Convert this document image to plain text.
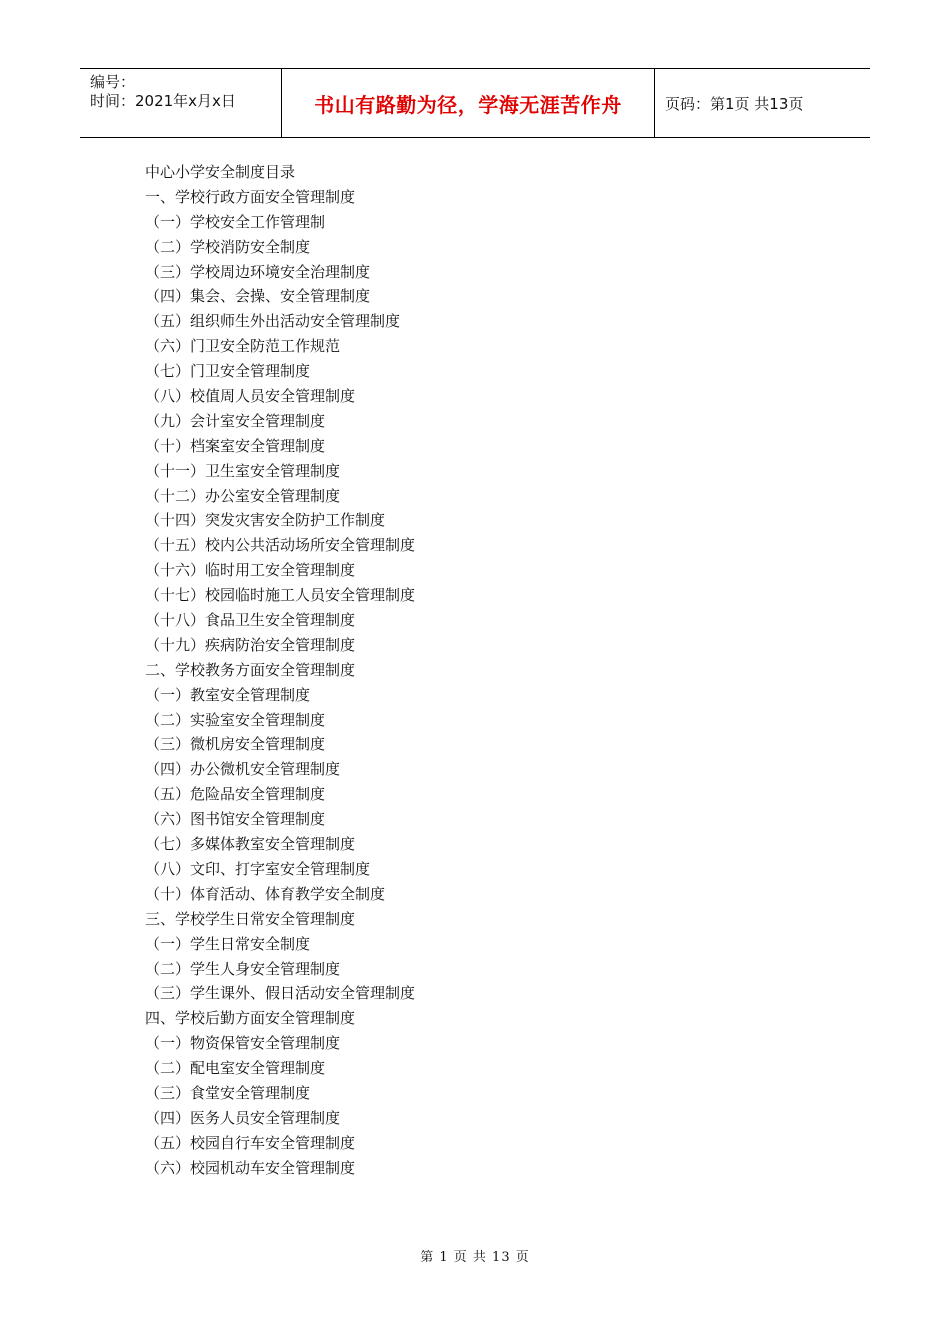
编号：
时间：2021年x月x日	书山有路勤为径，学海无涯苦作舟	页码：第1页 共13页
中心小学安全制度目录
一、学校行政方面安全管理制度
（一）学校安全工作管理制
（二）学校消防安全制度
（三）学校周边环境安全治理制度
（四）集会、会操、安全管理制度
（五）组织师生外出活动安全管理制度
（六）门卫安全防范工作规范
（七）门卫安全管理制度
（八）校值周人员安全管理制度
（九）会计室安全管理制度
（十）档案室安全管理制度
（十一）卫生室安全管理制度
（十二）办公室安全管理制度
（十四）突发灾害安全防护工作制度
（十五）校内公共活动场所安全管理制度
（十六）临时用工安全管理制度
（十七）校园临时施工人员安全管理制度
（十八）食品卫生安全管理制度
（十九）疾病防治安全管理制度
二、学校教务方面安全管理制度
（一）教室安全管理制度
（二）实验室安全管理制度
（三）微机房安全管理制度
（四）办公微机安全管理制度
（五）危险品安全管理制度
（六）图书馆安全管理制度
（七）多媒体教室安全管理制度
（八）文印、打字室安全管理制度
（十）体育活动、体育教学安全制度
三、学校学生日常安全管理制度
（一）学生日常安全制度
（二）学生人身安全管理制度
（三）学生课外、假日活动安全管理制度
四、学校后勤方面安全管理制度
（一）物资保管安全管理制度
（二）配电室安全管理制度
（三）食堂安全管理制度
（四）医务人员安全管理制度
（五）校园自行车安全管理制度
（六）校园机动车安全管理制度
第 1 页 共 13 页
